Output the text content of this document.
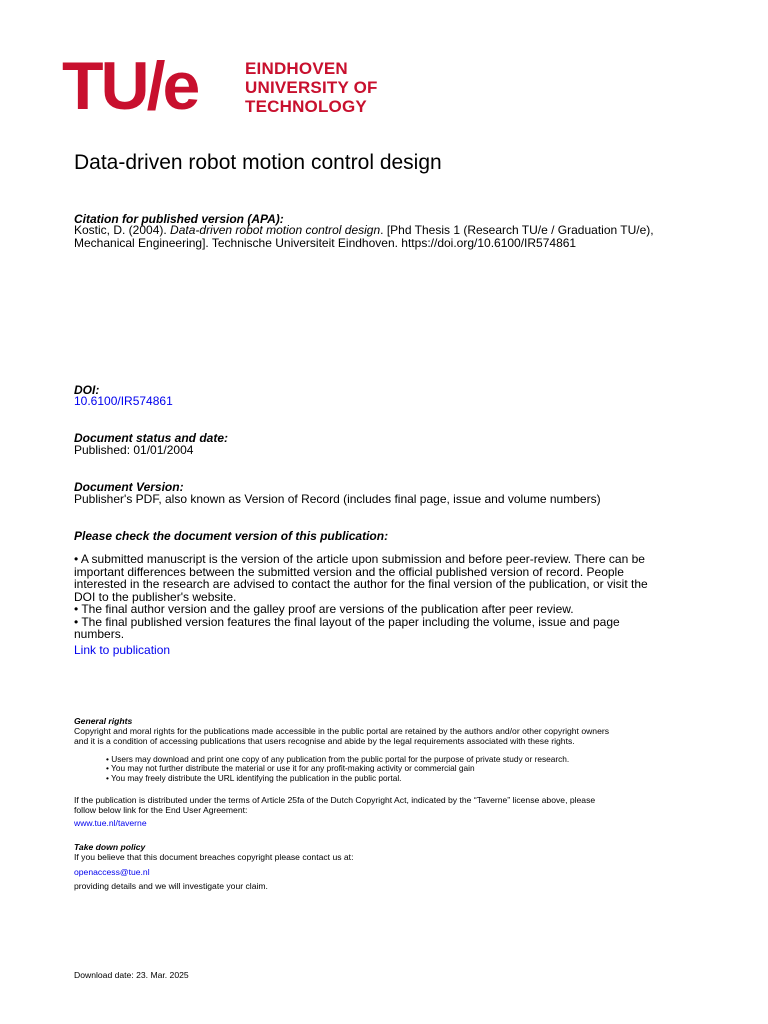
TU/e	EINDHOVEN
UNIVERSITY OF
TECHNOLOGY
Data-driven robot motion control design
Citation for published version (APA):
Kostic, D. (2004). Data-driven robot motion control design. [Phd Thesis 1 (Research TU/e / Graduation TU/e),
Mechanical Engineering]. Technische Universiteit Eindhoven. https://doi.org/10.6100/IR574861
DOI:
10.6100/IR574861
Document status and date:
Published: 01/01/2004
Document Version:
Publisher's PDF, also known as Version of Record (includes final page, issue and volume numbers)
Please check the document version of this publication:
• A submitted manuscript is the version of the article upon submission and before peer-review. There can be
important differences between the submitted version and the official published version of record. People
interested in the research are advised to contact the author for the final version of the publication, or visit the
DOI to the publisher's website.
• The final author version and the galley proof are versions of the publication after peer review.
• The final published version features the final layout of the paper including the volume, issue and page
numbers.
Link to publication
General rights
Copyright and moral rights for the publications made accessible in the public portal are retained by the authors and/or other copyright owners
and it is a condition of accessing publications that users recognise and abide by the legal requirements associated with these rights.
• Users may download and print one copy of any publication from the public portal for the purpose of private study or research.
• You may not further distribute the material or use it for any profit-making activity or commercial gain
• You may freely distribute the URL identifying the publication in the public portal.
If the publication is distributed under the terms of Article 25fa of the Dutch Copyright Act, indicated by the “Taverne” license above, please
follow below link for the End User Agreement:
www.tue.nl/taverne
Take down policy
If you believe that this document breaches copyright please contact us at:
openaccess@tue.nl
providing details and we will investigate your claim.
Download date: 23. Mar. 2025
